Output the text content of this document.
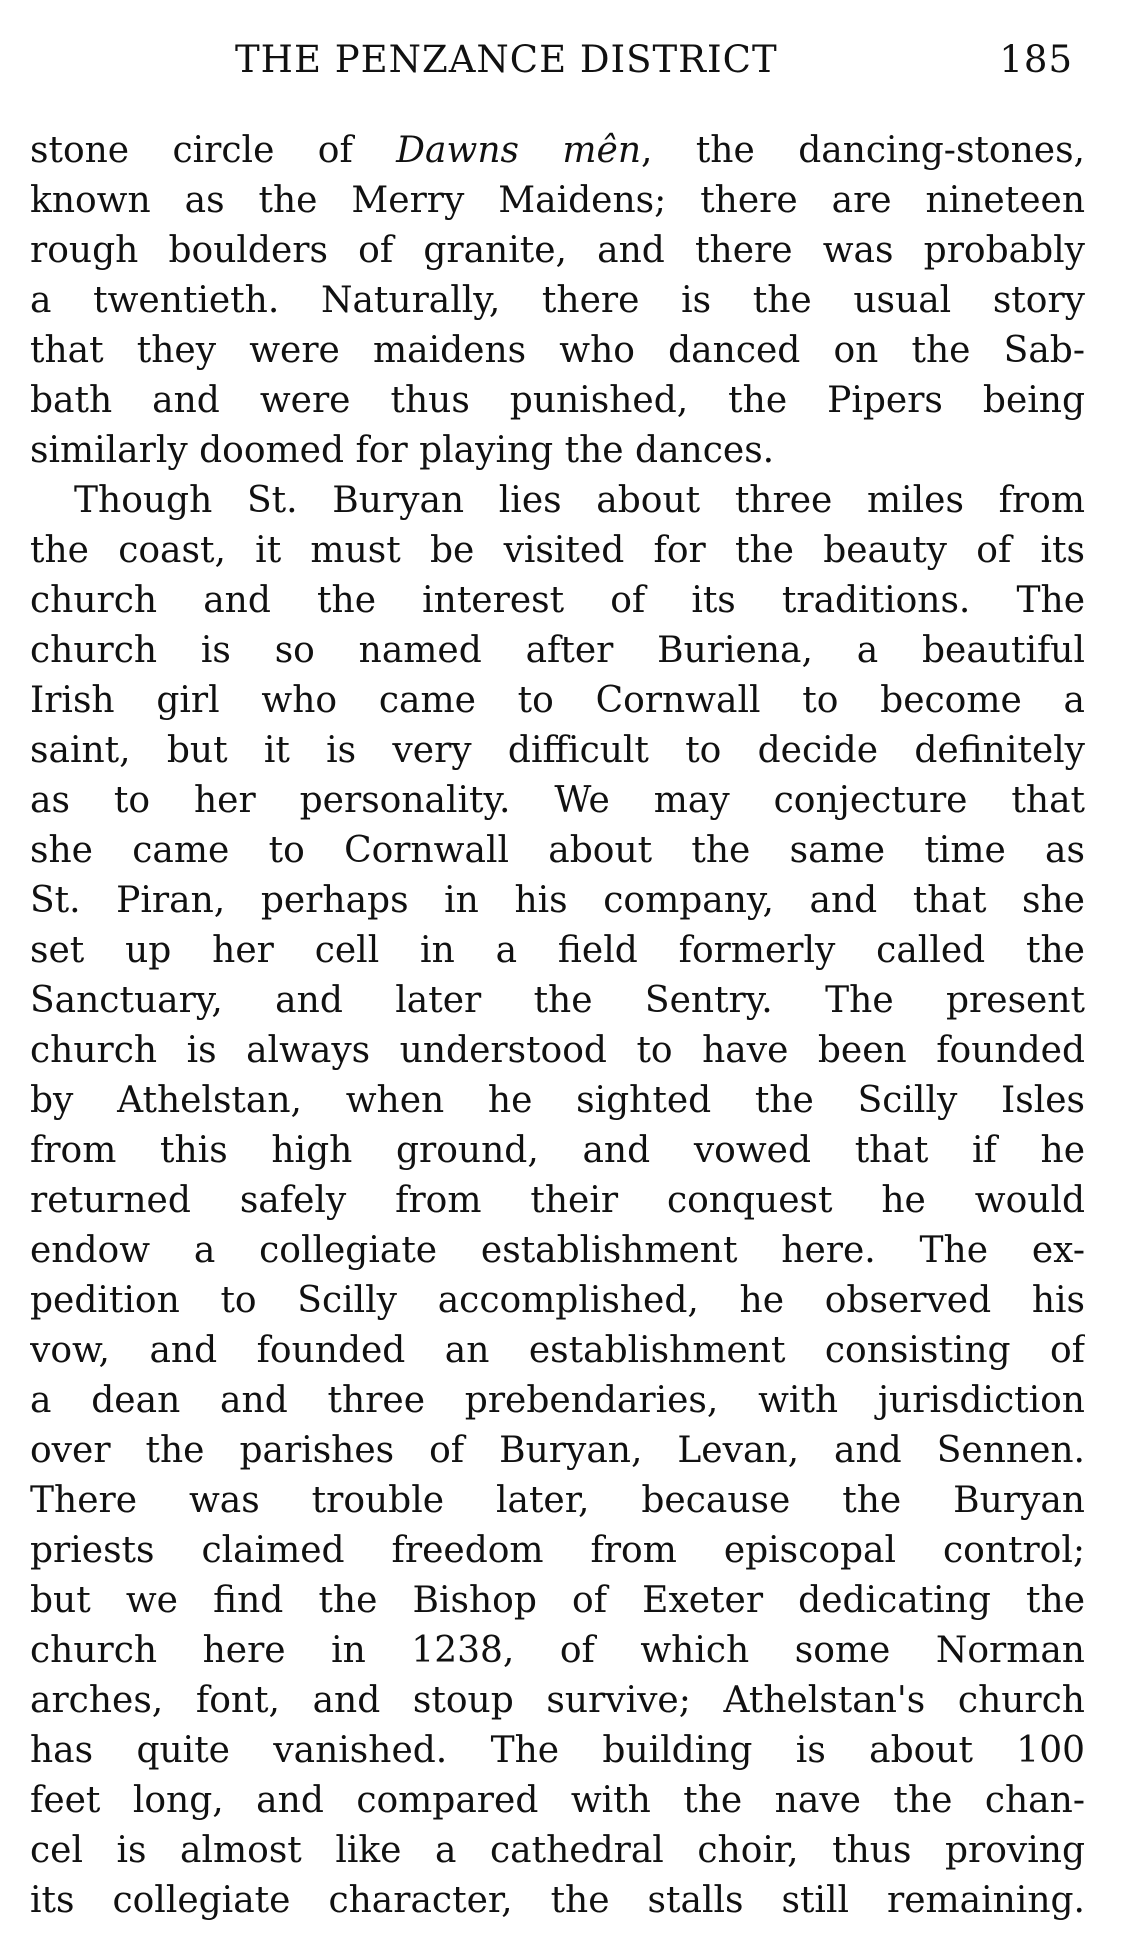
THE PENZANCE DISTRICT	185
stone circle of Dawns mên, the dancing-stones,
known as the Merry Maidens; there are nineteen
rough boulders of granite, and there was probably
a twentieth. Naturally, there is the usual story
that they were maidens who danced on the Sab-
bath and were thus punished, the Pipers being
similarly doomed for playing the dances.
Though St. Buryan lies about three miles from
the coast, it must be visited for the beauty of its
church and the interest of its traditions. The
church is so named after Buriena, a beautiful
Irish girl who came to Cornwall to become a
saint, but it is very difficult to decide definitely
as to her personality. We may conjecture that
she came to Cornwall about the same time as
St. Piran, perhaps in his company, and that she
set up her cell in a field formerly called the
Sanctuary, and later the Sentry. The present
church is always understood to have been founded
by Athelstan, when he sighted the Scilly Isles
from this high ground, and vowed that if he
returned safely from their conquest he would
endow a collegiate establishment here. The ex-
pedition to Scilly accomplished, he observed his
vow, and founded an establishment consisting of
a dean and three prebendaries, with jurisdiction
over the parishes of Buryan, Levan, and Sennen.
There was trouble later, because the Buryan
priests claimed freedom from episcopal control;
but we find the Bishop of Exeter dedicating the
church here in 1238, of which some Norman
arches, font, and stoup survive; Athelstan's church
has quite vanished. The building is about 100
feet long, and compared with the nave the chan-
cel is almost like a cathedral choir, thus proving
its collegiate character, the stalls still remaining.
